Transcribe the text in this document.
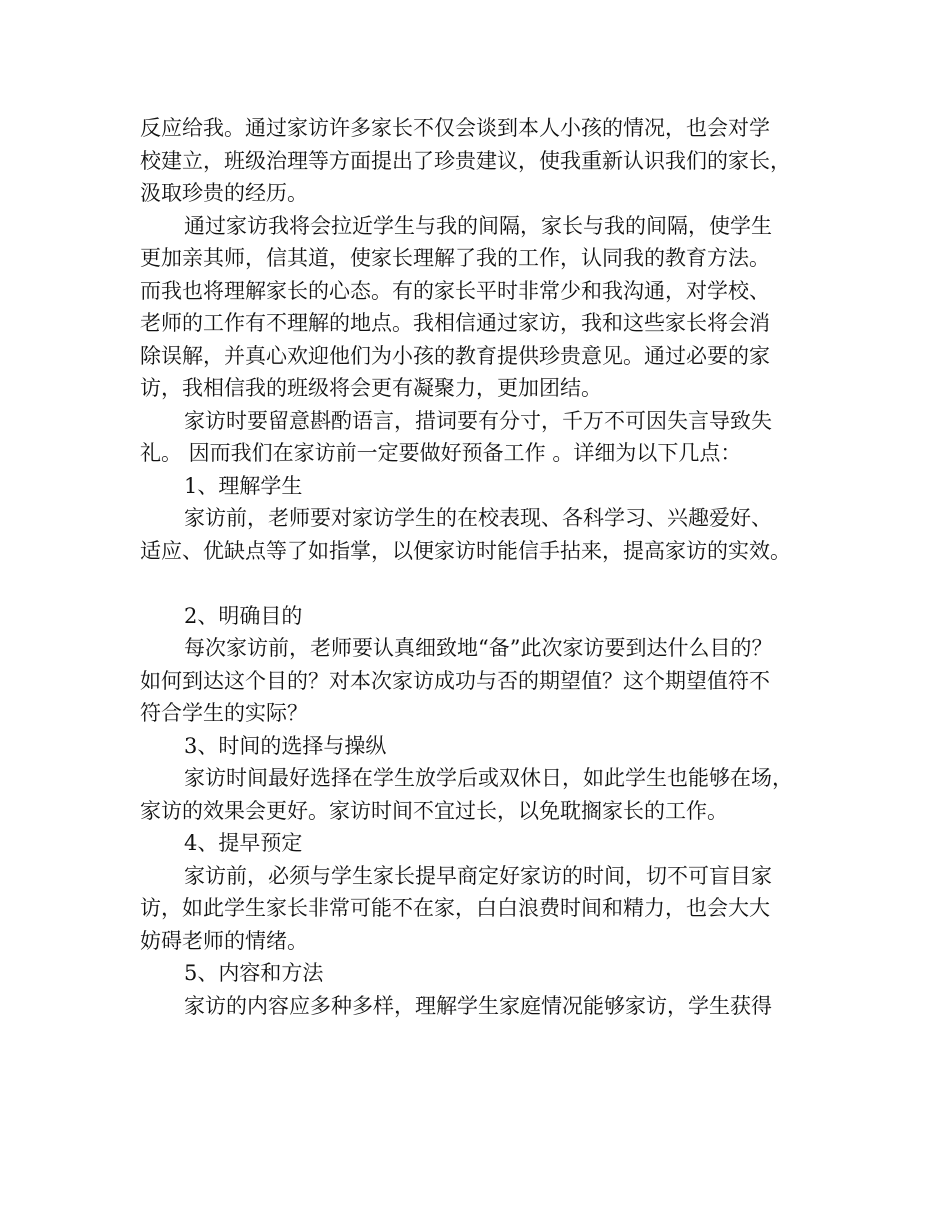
反应给我。通过家访许多家长不仅会谈到本人小孩的情况，也会对学
校建立，班级治理等方面提出了珍贵建议，使我重新认识我们的家长，
汲取珍贵的经历。
通过家访我将会拉近学生与我的间隔，家长与我的间隔，使学生
更加亲其师，信其道，使家长理解了我的工作，认同我的教育方法。
而我也将理解家长的心态。有的家长平时非常少和我沟通，对学校、
老师的工作有不理解的地点。我相信通过家访，我和这些家长将会消
除误解，并真心欢迎他们为小孩的教育提供珍贵意见。通过必要的家
访，我相信我的班级将会更有凝聚力，更加团结。
家访时要留意斟酌语言，措词要有分寸，千万不可因失言导致失
礼。 因而我们在家访前一定要做好预备工作 。详细为以下几点：
1、理解学生
家访前，老师要对家访学生的在校表现、各科学习、兴趣爱好、
适应、优缺点等了如指掌，以便家访时能信手拈来，提高家访的实效。
2、明确目的
每次家访前，老师要认真细致地“备”此次家访要到达什么目的？
如何到达这个目的？对本次家访成功与否的期望值？这个期望值符不
符合学生的实际？
3、时间的选择与操纵
家访时间最好选择在学生放学后或双休日，如此学生也能够在场，
家访的效果会更好。家访时间不宜过长，以免耽搁家长的工作。
4、提早预定
家访前，必须与学生家长提早商定好家访的时间，切不可盲目家
访，如此学生家长非常可能不在家，白白浪费时间和精力，也会大大
妨碍老师的情绪。
5、内容和方法
家访的内容应多种多样，理解学生家庭情况能够家访，学生获得
